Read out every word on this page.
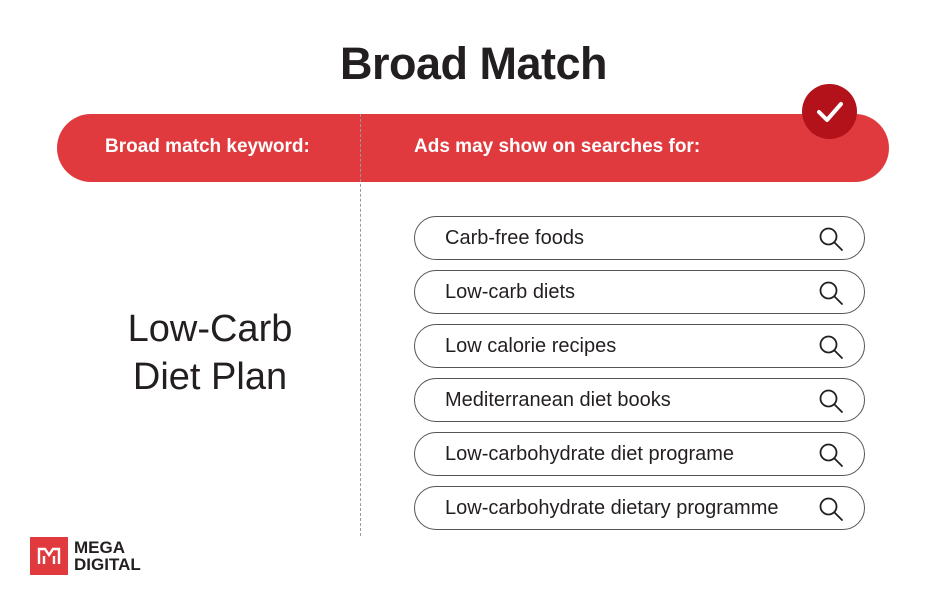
Broad Match
Broad match keyword:	Ads may show on searches for:
Low-Carb
Diet Plan
Carb-free foods
Low-carb diets
Low calorie recipes
Mediterranean diet books
Low-carbohydrate diet programe
Low-carbohydrate dietary programme
MEGA
DIGITAL
